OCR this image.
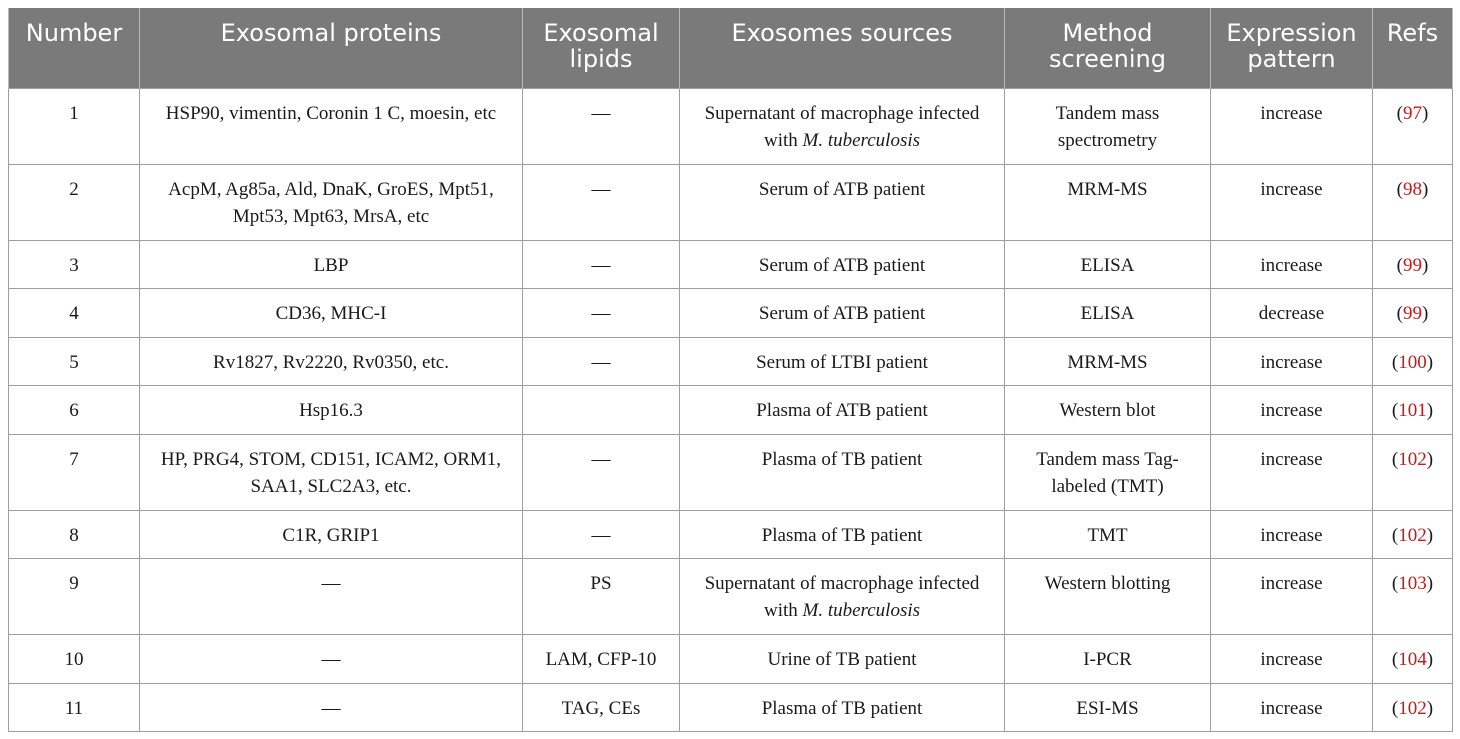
Number	Exosomal proteins	Exosomal lipids	Exosomes sources	Method screening	Expression pattern	Refs

1	HSP90, vimentin, Coronin 1 C, moesin, etc	—	Supernatant of macrophage infected with M. tuberculosis	Tandem mass spectrometry	increase	(97)
2	AcpM, Ag85a, Ald, DnaK, GroES, Mpt51, Mpt53, Mpt63, MrsA, etc	—	Serum of ATB patient	MRM-MS	increase	(98)
3	LBP	—	Serum of ATB patient	ELISA	increase	(99)
4	CD36, MHC-I	—	Serum of ATB patient	ELISA	decrease	(99)
5	Rv1827, Rv2220, Rv0350, etc.	—	Serum of LTBI patient	MRM-MS	increase	(100)
6	Hsp16.3		Plasma of ATB patient	Western blot	increase	(101)
7	HP, PRG4, STOM, CD151, ICAM2, ORM1, SAA1, SLC2A3, etc.	—	Plasma of TB patient	Tandem mass Tag-labeled (TMT)	increase	(102)
8	C1R, GRIP1	—	Plasma of TB patient	TMT	increase	(102)
9	—	PS	Supernatant of macrophage infected with M. tuberculosis	Western blotting	increase	(103)
10	—	LAM, CFP-10	Urine of TB patient	I-PCR	increase	(104)
11	—	TAG, CEs	Plasma of TB patient	ESI-MS	increase	(102)
